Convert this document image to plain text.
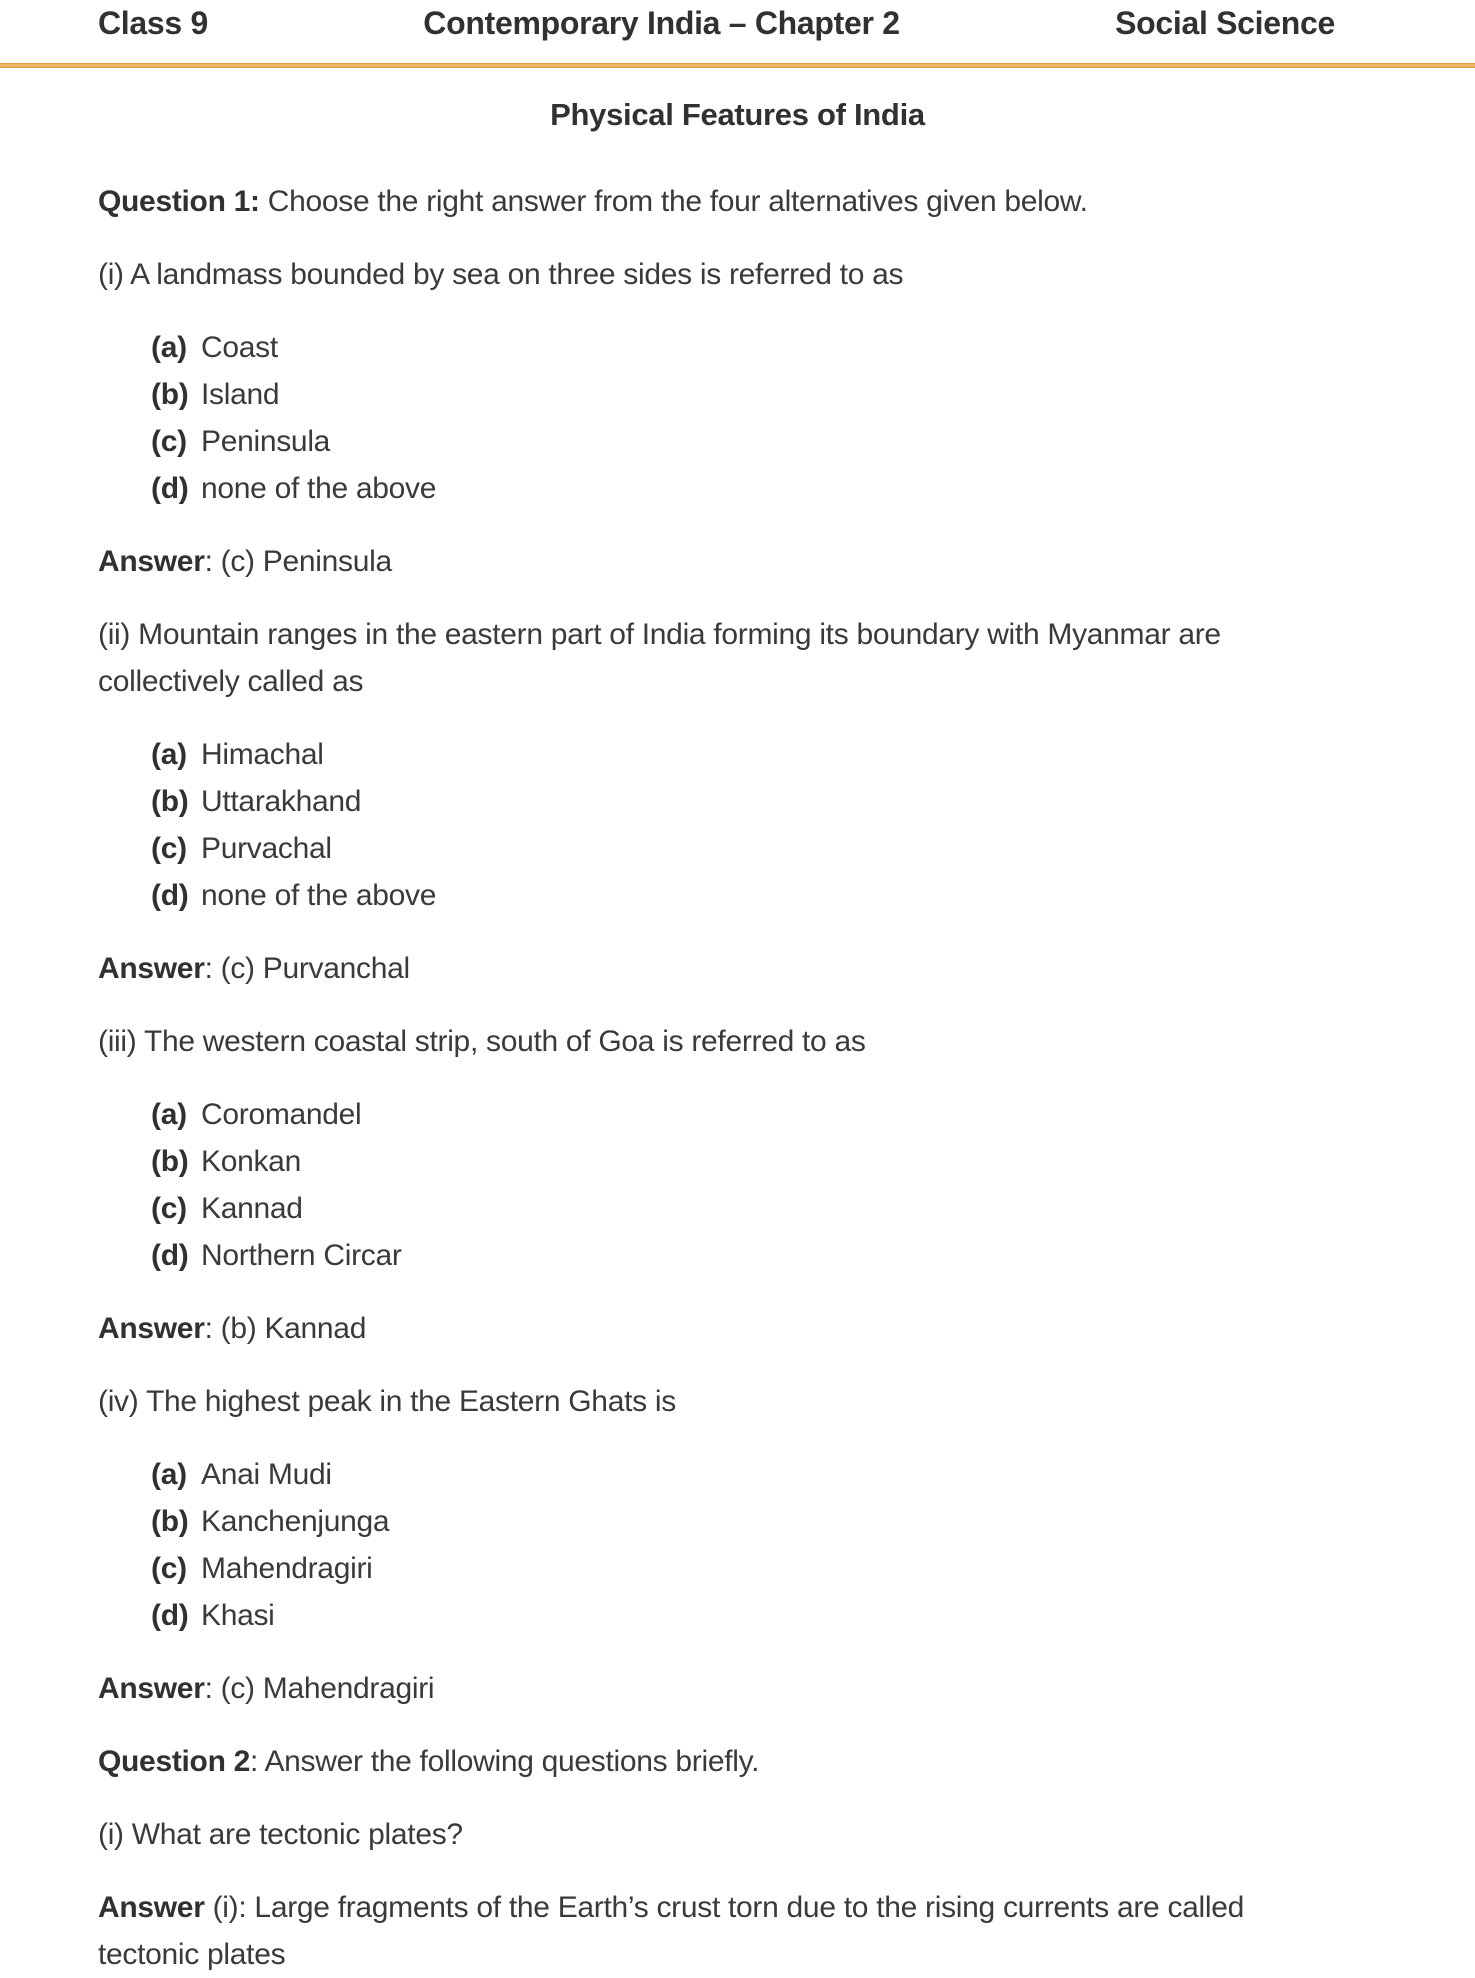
Class 9	Contemporary India – Chapter 2	Social Science
Physical Features of India

Question 1: Choose the right answer from the four alternatives given below.

(i) A landmass bounded by sea on three sides is referred to as

(a) Coast
(b) Island
(c) Peninsula
(d) none of the above

Answer: (c) Peninsula

(ii) Mountain ranges in the eastern part of India forming its boundary with Myanmar are
collectively called as

(a) Himachal
(b) Uttarakhand
(c) Purvachal
(d) none of the above

Answer: (c) Purvanchal

(iii) The western coastal strip, south of Goa is referred to as

(a) Coromandel
(b) Konkan
(c) Kannad
(d) Northern Circar

Answer: (b) Kannad

(iv) The highest peak in the Eastern Ghats is

(a) Anai Mudi
(b) Kanchenjunga
(c) Mahendragiri
(d) Khasi

Answer: (c) Mahendragiri

Question 2: Answer the following questions briefly.

(i) What are tectonic plates?

Answer (i): Large fragments of the Earth’s crust torn due to the rising currents are called
tectonic plates
